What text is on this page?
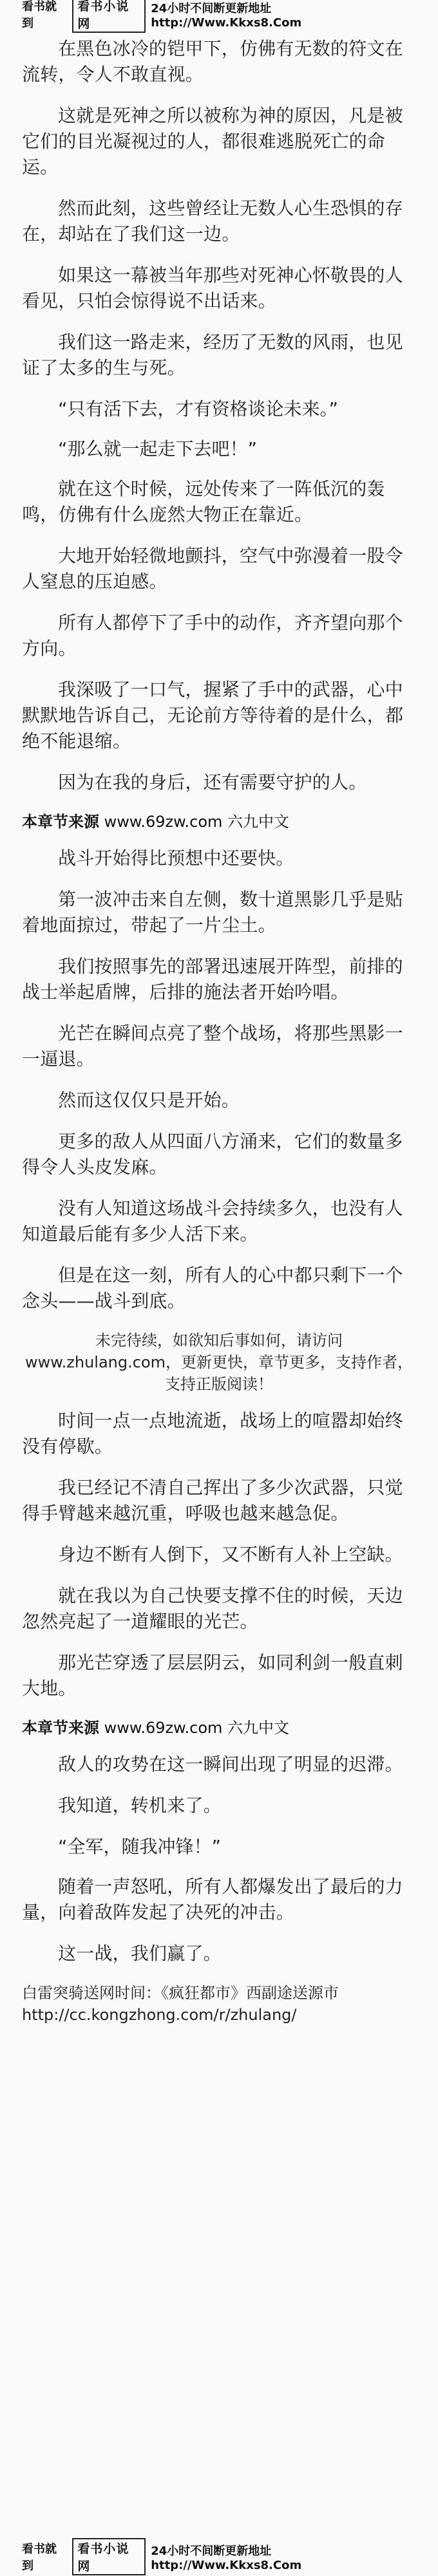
看书就到
看书小说网
24小时不间断更新地址http://Www.Kkxs8.Com

在黑色冰冷的铠甲下，仿佛有无数的符文在流转，令人不敢直视。

这就是死神之所以被称为神的原因，凡是被它们的目光凝视过的人，都很难逃脱死亡的命运。

然而此刻，这些曾经让无数人心生恐惧的存在，却站在了我们这一边。

如果这一幕被当年那些对死神心怀敬畏的人看见，只怕会惊得说不出话来。

我们这一路走来，经历了无数的风雨，也见证了太多的生与死。

“只有活下去，才有资格谈论未来。”

“那么就一起走下去吧！”

就在这个时候，远处传来了一阵低沉的轰鸣，仿佛有什么庞然大物正在靠近。

大地开始轻微地颤抖，空气中弥漫着一股令人窒息的压迫感。

所有人都停下了手中的动作，齐齐望向那个方向。

我深吸了一口气，握紧了手中的武器，心中默默地告诉自己，无论前方等待着的是什么，都绝不能退缩。

因为在我的身后，还有需要守护的人。

本章节来源 www.69zw.com 六九中文

战斗开始得比预想中还要快。

第一波冲击来自左侧，数十道黑影几乎是贴着地面掠过，带起了一片尘土。

我们按照事先的部署迅速展开阵型，前排的战士举起盾牌，后排的施法者开始吟唱。

光芒在瞬间点亮了整个战场，将那些黑影一一逼退。

然而这仅仅只是开始。

更多的敌人从四面八方涌来，它们的数量多得令人头皮发麻。

没有人知道这场战斗会持续多久，也没有人知道最后能有多少人活下来。

但是在这一刻，所有人的心中都只剩下一个念头——战斗到底。

未完待续，如欲知后事如何，请访问www.zhulang.com，更新更快，章节更多，支持作者，支持正版阅读！

时间一点一点地流逝，战场上的喧嚣却始终没有停歇。

我已经记不清自己挥出了多少次武器，只觉得手臂越来越沉重，呼吸也越来越急促。

身边不断有人倒下，又不断有人补上空缺。

就在我以为自己快要支撑不住的时候，天边忽然亮起了一道耀眼的光芒。

那光芒穿透了层层阴云，如同利剑一般直刺大地。

本章节来源 www.69zw.com 六九中文

敌人的攻势在这一瞬间出现了明显的迟滞。

我知道，转机来了。

“全军，随我冲锋！”

随着一声怒吼，所有人都爆发出了最后的力量，向着敌阵发起了决死的冲击。

这一战，我们赢了。

白雷突骑送网时间：《疯狂都市》西副途送源市 http://cc.kongzhong.com/r/zhulang/
看书就到
看书小说网
24小时不间断更新地址http://Www.Kkxs8.Com
